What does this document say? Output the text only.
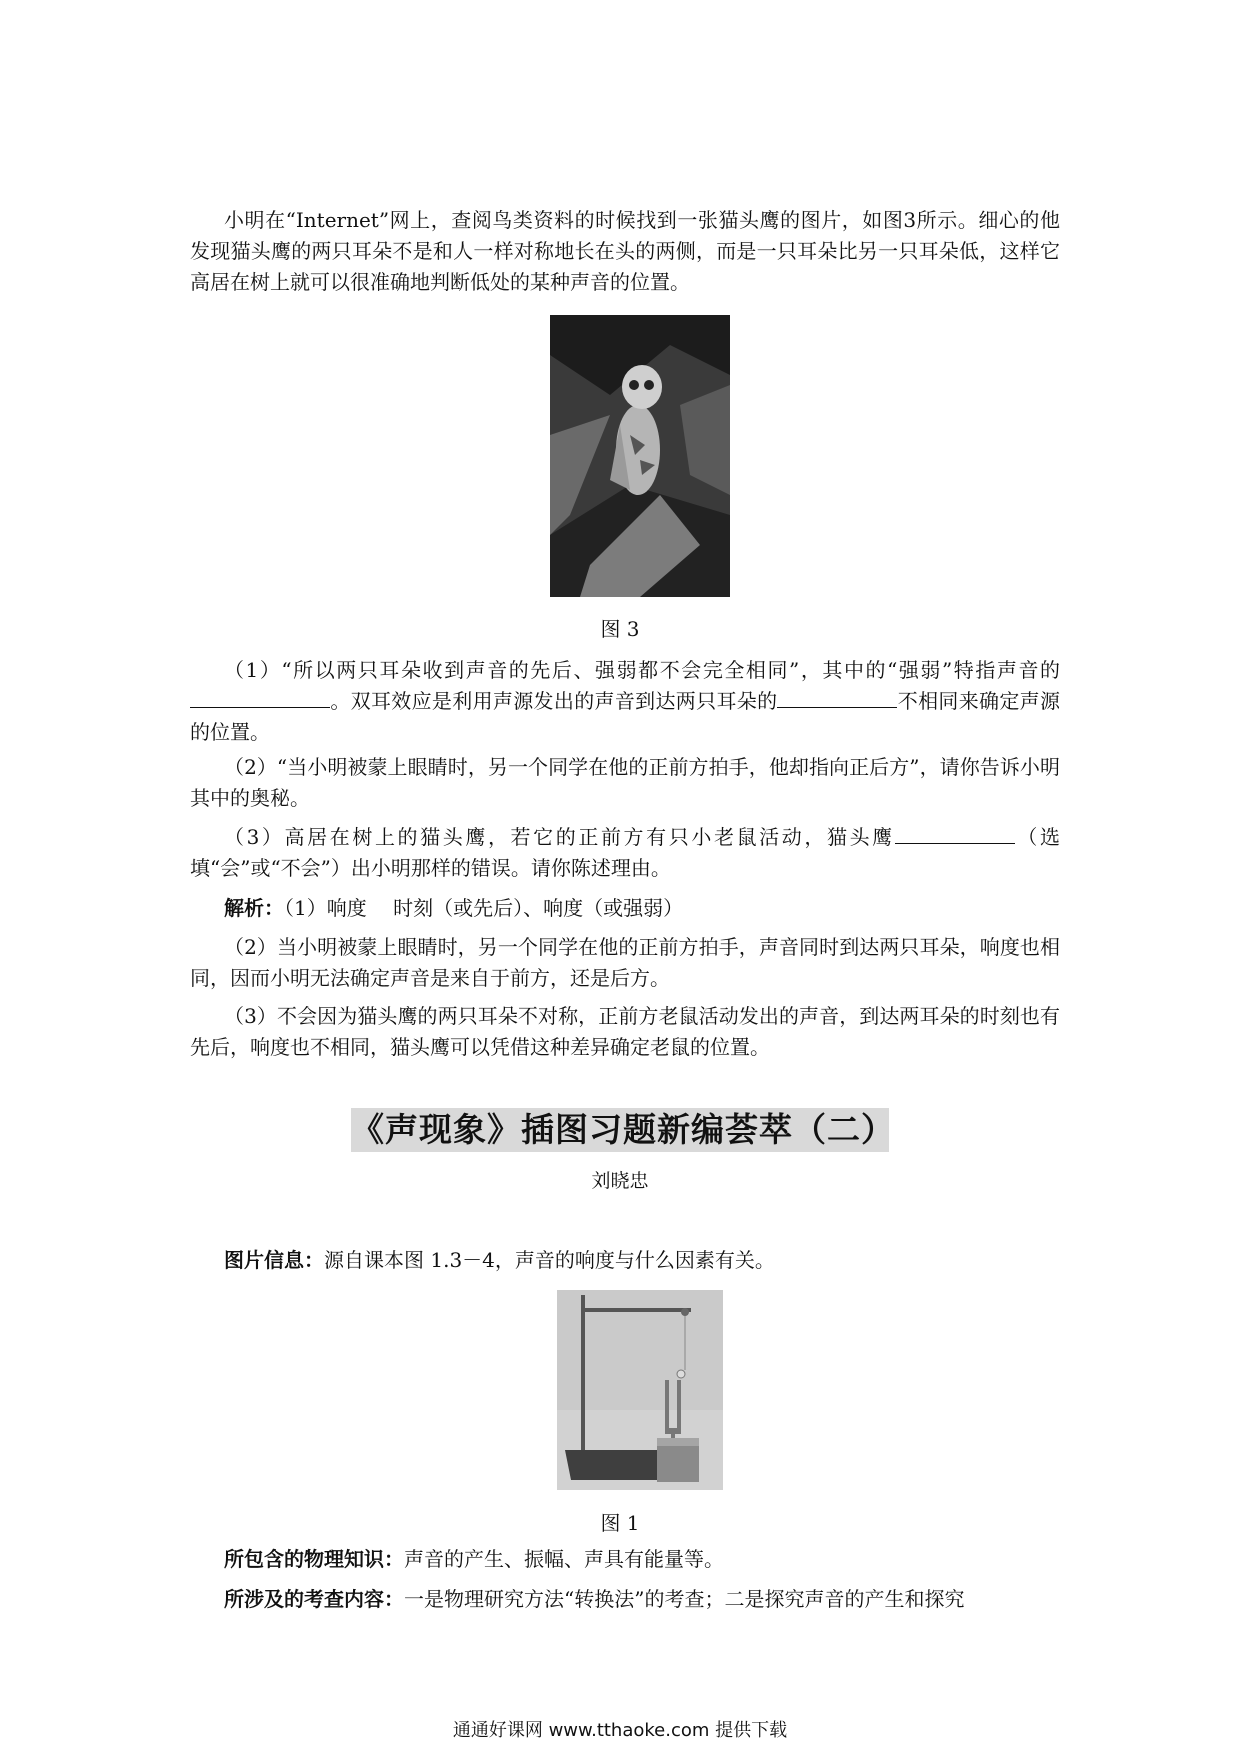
小明在“Internet”网上，查阅鸟类资料的时候找到一张猫头鹰的图片，如图3所示。细心的他发现猫头鹰的两只耳朵不是和人一样对称地长在头的两侧，而是一只耳朵比另一只耳朵低，这样它高居在树上就可以很准确地判断低处的某种声音的位置。

图 3

（1）“所以两只耳朵收到声音的先后、强弱都不会完全相同”，其中的“强弱”特指声音的。双耳效应是利用声源发出的声音到达两只耳朵的	不相同来确定声源的位置。

（2）“当小明被蒙上眼睛时，另一个同学在他的正前方拍手，他却指向正后方”，请你告诉小明其中的奥秘。

（3）高居在树上的猫头鹰，若它的正前方有只小老鼠活动，猫头鹰	（选填“会”或“不会”）出小明那样的错误。请你陈述理由。

解析：（1）响度　 时刻（或先后）、响度（或强弱）

（2）当小明被蒙上眼睛时，另一个同学在他的正前方拍手，声音同时到达两只耳朵，响度也相同，因而小明无法确定声音是来自于前方，还是后方。

（3）不会因为猫头鹰的两只耳朵不对称，正前方老鼠活动发出的声音，到达两耳朵的时刻也有先后，响度也不相同，猫头鹰可以凭借这种差异确定老鼠的位置。

《声现象》插图习题新编荟萃（二）
刘晓忠

图片信息：源自课本图 1.3－4，声音的响度与什么因素有关。

图 1

所包含的物理知识：声音的产生、振幅、声具有能量等。

所涉及的考查内容：一是物理研究方法“转换法”的考查；二是探究声音的产生和探究

通通好课网 www.tthaoke.com 提供下载
